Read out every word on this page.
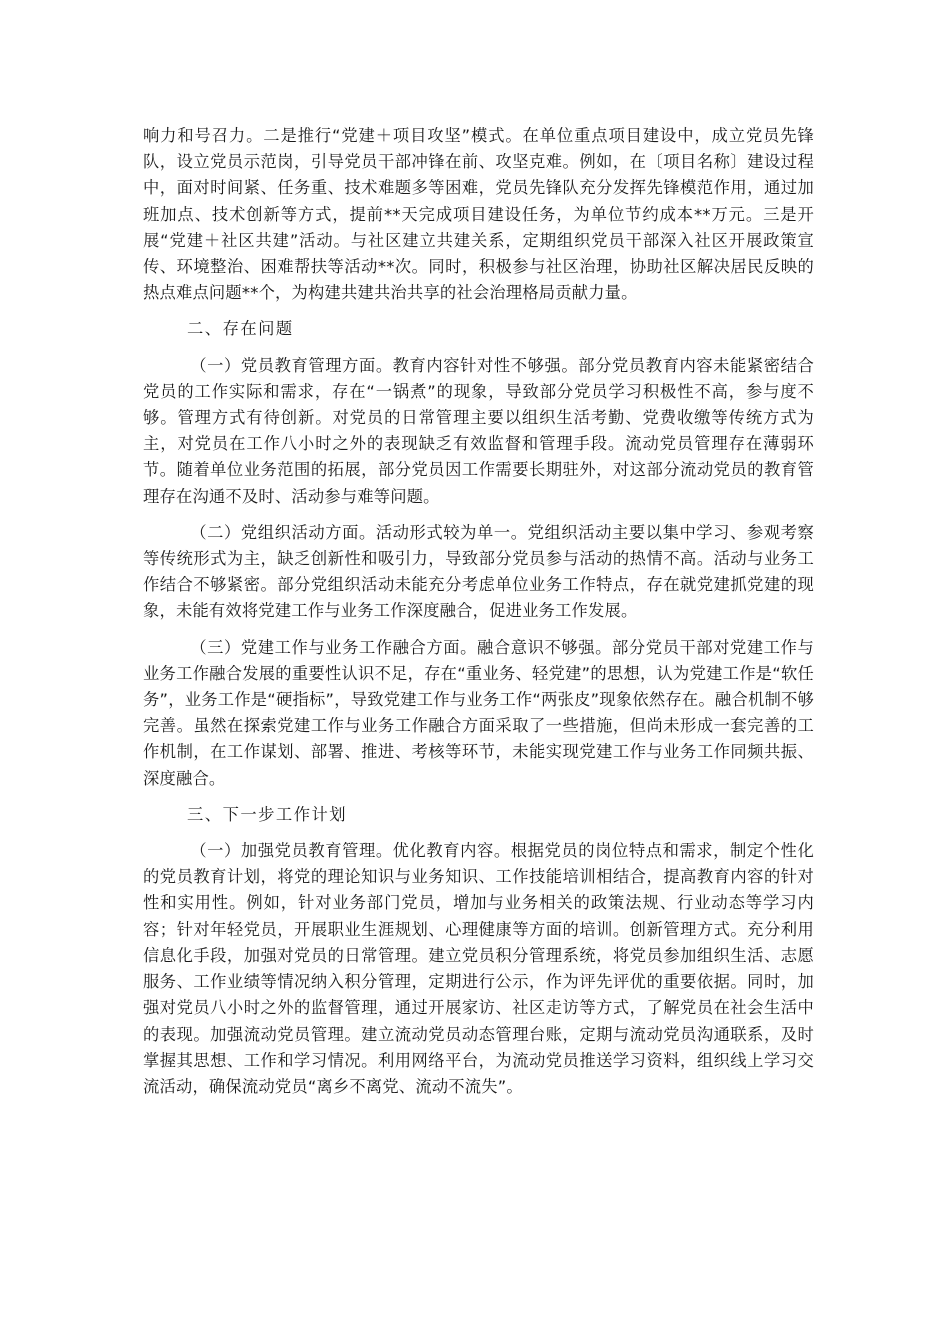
响力和号召力。二是推行“党建＋项目攻坚”模式。在单位重点项目建设中，成立党员先锋队，设立党员示范岗，引导党员干部冲锋在前、攻坚克难。例如，在〔项目名称〕建设过程中，面对时间紧、任务重、技术难题多等困难，党员先锋队充分发挥先锋模范作用，通过加班加点、技术创新等方式，提前**天完成项目建设任务，为单位节约成本**万元。三是开展“党建＋社区共建”活动。与社区建立共建关系，定期组织党员干部深入社区开展政策宣传、环境整治、困难帮扶等活动**次。同时，积极参与社区治理，协助社区解决居民反映的热点难点问题**个，为构建共建共治共享的社会治理格局贡献力量。

二、存在问题

（一）党员教育管理方面。教育内容针对性不够强。部分党员教育内容未能紧密结合党员的工作实际和需求，存在“一锅煮”的现象，导致部分党员学习积极性不高，参与度不够。管理方式有待创新。对党员的日常管理主要以组织生活考勤、党费收缴等传统方式为主，对党员在工作八小时之外的表现缺乏有效监督和管理手段。流动党员管理存在薄弱环节。随着单位业务范围的拓展，部分党员因工作需要长期驻外，对这部分流动党员的教育管理存在沟通不及时、活动参与难等问题。

（二）党组织活动方面。活动形式较为单一。党组织活动主要以集中学习、参观考察等传统形式为主，缺乏创新性和吸引力，导致部分党员参与活动的热情不高。活动与业务工作结合不够紧密。部分党组织活动未能充分考虑单位业务工作特点，存在就党建抓党建的现象，未能有效将党建工作与业务工作深度融合，促进业务工作发展。

（三）党建工作与业务工作融合方面。融合意识不够强。部分党员干部对党建工作与业务工作融合发展的重要性认识不足，存在“重业务、轻党建”的思想，认为党建工作是“软任务”，业务工作是“硬指标”，导致党建工作与业务工作“两张皮”现象依然存在。融合机制不够完善。虽然在探索党建工作与业务工作融合方面采取了一些措施，但尚未形成一套完善的工作机制，在工作谋划、部署、推进、考核等环节，未能实现党建工作与业务工作同频共振、深度融合。

三、下一步工作计划

（一）加强党员教育管理。优化教育内容。根据党员的岗位特点和需求，制定个性化的党员教育计划，将党的理论知识与业务知识、工作技能培训相结合，提高教育内容的针对性和实用性。例如，针对业务部门党员，增加与业务相关的政策法规、行业动态等学习内容；针对年轻党员，开展职业生涯规划、心理健康等方面的培训。创新管理方式。充分利用信息化手段，加强对党员的日常管理。建立党员积分管理系统，将党员参加组织生活、志愿服务、工作业绩等情况纳入积分管理，定期进行公示，作为评先评优的重要依据。同时，加强对党员八小时之外的监督管理，通过开展家访、社区走访等方式，了解党员在社会生活中的表现。加强流动党员管理。建立流动党员动态管理台账，定期与流动党员沟通联系，及时掌握其思想、工作和学习情况。利用网络平台，为流动党员推送学习资料，组织线上学习交流活动，确保流动党员“离乡不离党、流动不流失”。
